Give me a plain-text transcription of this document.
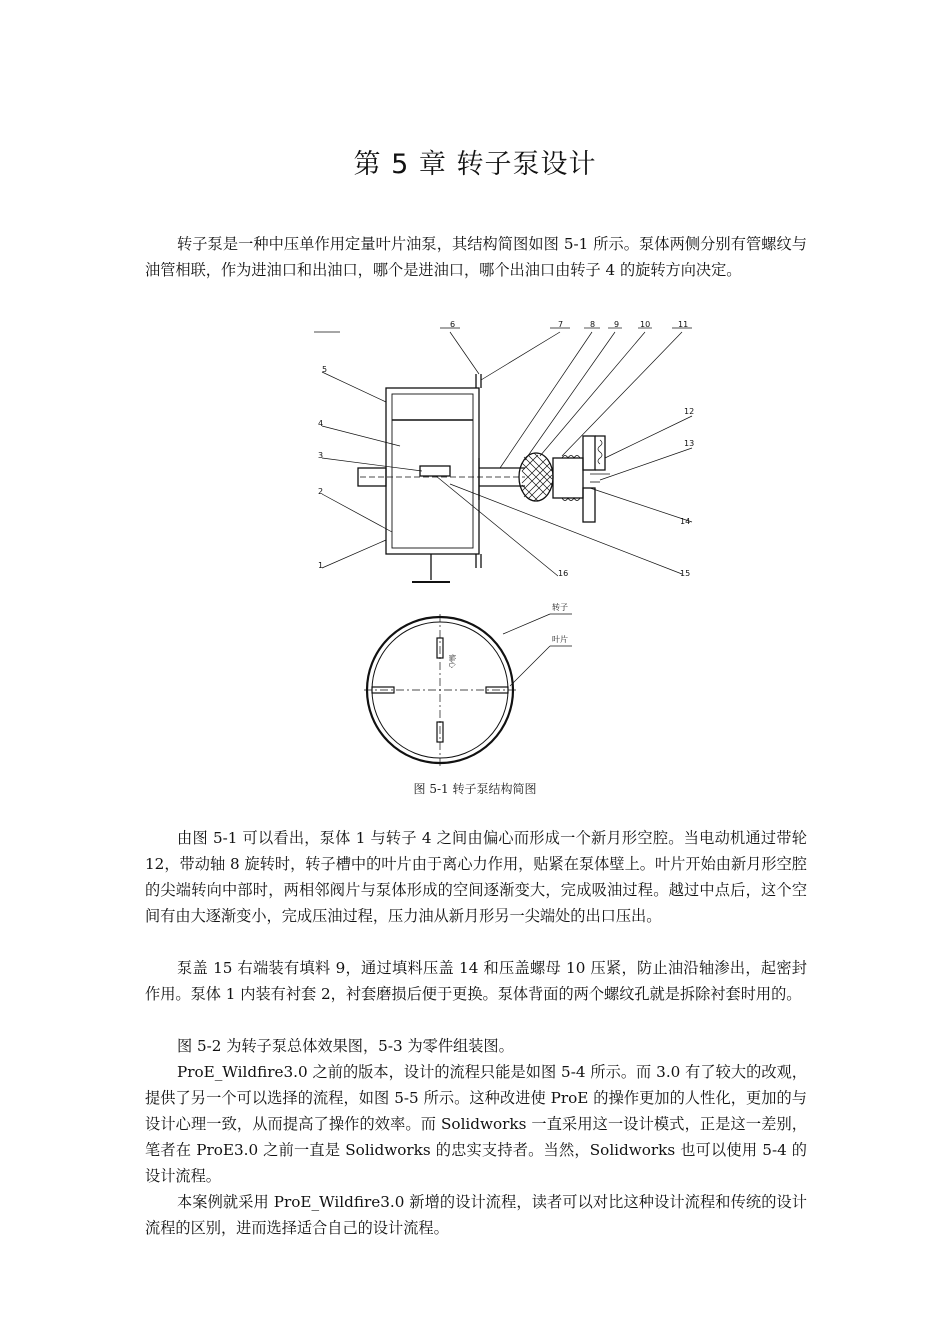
第 5 章 转子泵设计

转子泵是一种中压单作用定量叶片油泵，其结构简图如图 5-1 所示。泵体两侧分别有管螺纹与油管相联，作为进油口和出油口，哪个是进油口，哪个出油口由转子 4 的旋转方向决定。

5
4
3
2
1
6	7	8 9	10	11
12
13
14
15
16
转子
叶片
偏心
图 5-1 转子泵结构简图

由图 5-1 可以看出，泵体 1 与转子 4 之间由偏心而形成一个新月形空腔。当电动机通过带轮 12，带动轴 8 旋转时，转子槽中的叶片由于离心力作用，贴紧在泵体壁上。叶片开始由新月形空腔的尖端转向中部时，两相邻阀片与泵体形成的空间逐渐变大，完成吸油过程。越过中点后，这个空间有由大逐渐变小，完成压油过程，压力油从新月形另一尖端处的出口压出。

泵盖 15 右端装有填料 9，通过填料压盖 14 和压盖螺母 10 压紧，防止油沿轴渗出，起密封作用。泵体 1 内装有衬套 2，衬套磨损后便于更换。泵体背面的两个螺纹孔就是拆除衬套时用的。

图 5-2 为转子泵总体效果图，5-3 为零件组装图。

ProE_Wildfire3.0 之前的版本，设计的流程只能是如图 5-4 所示。而 3.0 有了较大的改观，提供了另一个可以选择的流程，如图 5-5 所示。这种改进使 ProE 的操作更加的人性化，更加的与设计心理一致，从而提高了操作的效率。而 Solidworks 一直采用这一设计模式，正是这一差别，笔者在 ProE3.0 之前一直是 Solidworks 的忠实支持者。当然，Solidworks 也可以使用 5-4 的设计流程。

本案例就采用 ProE_Wildfire3.0 新增的设计流程，读者可以对比这种设计流程和传统的设计流程的区别，进而选择适合自己的设计流程。
